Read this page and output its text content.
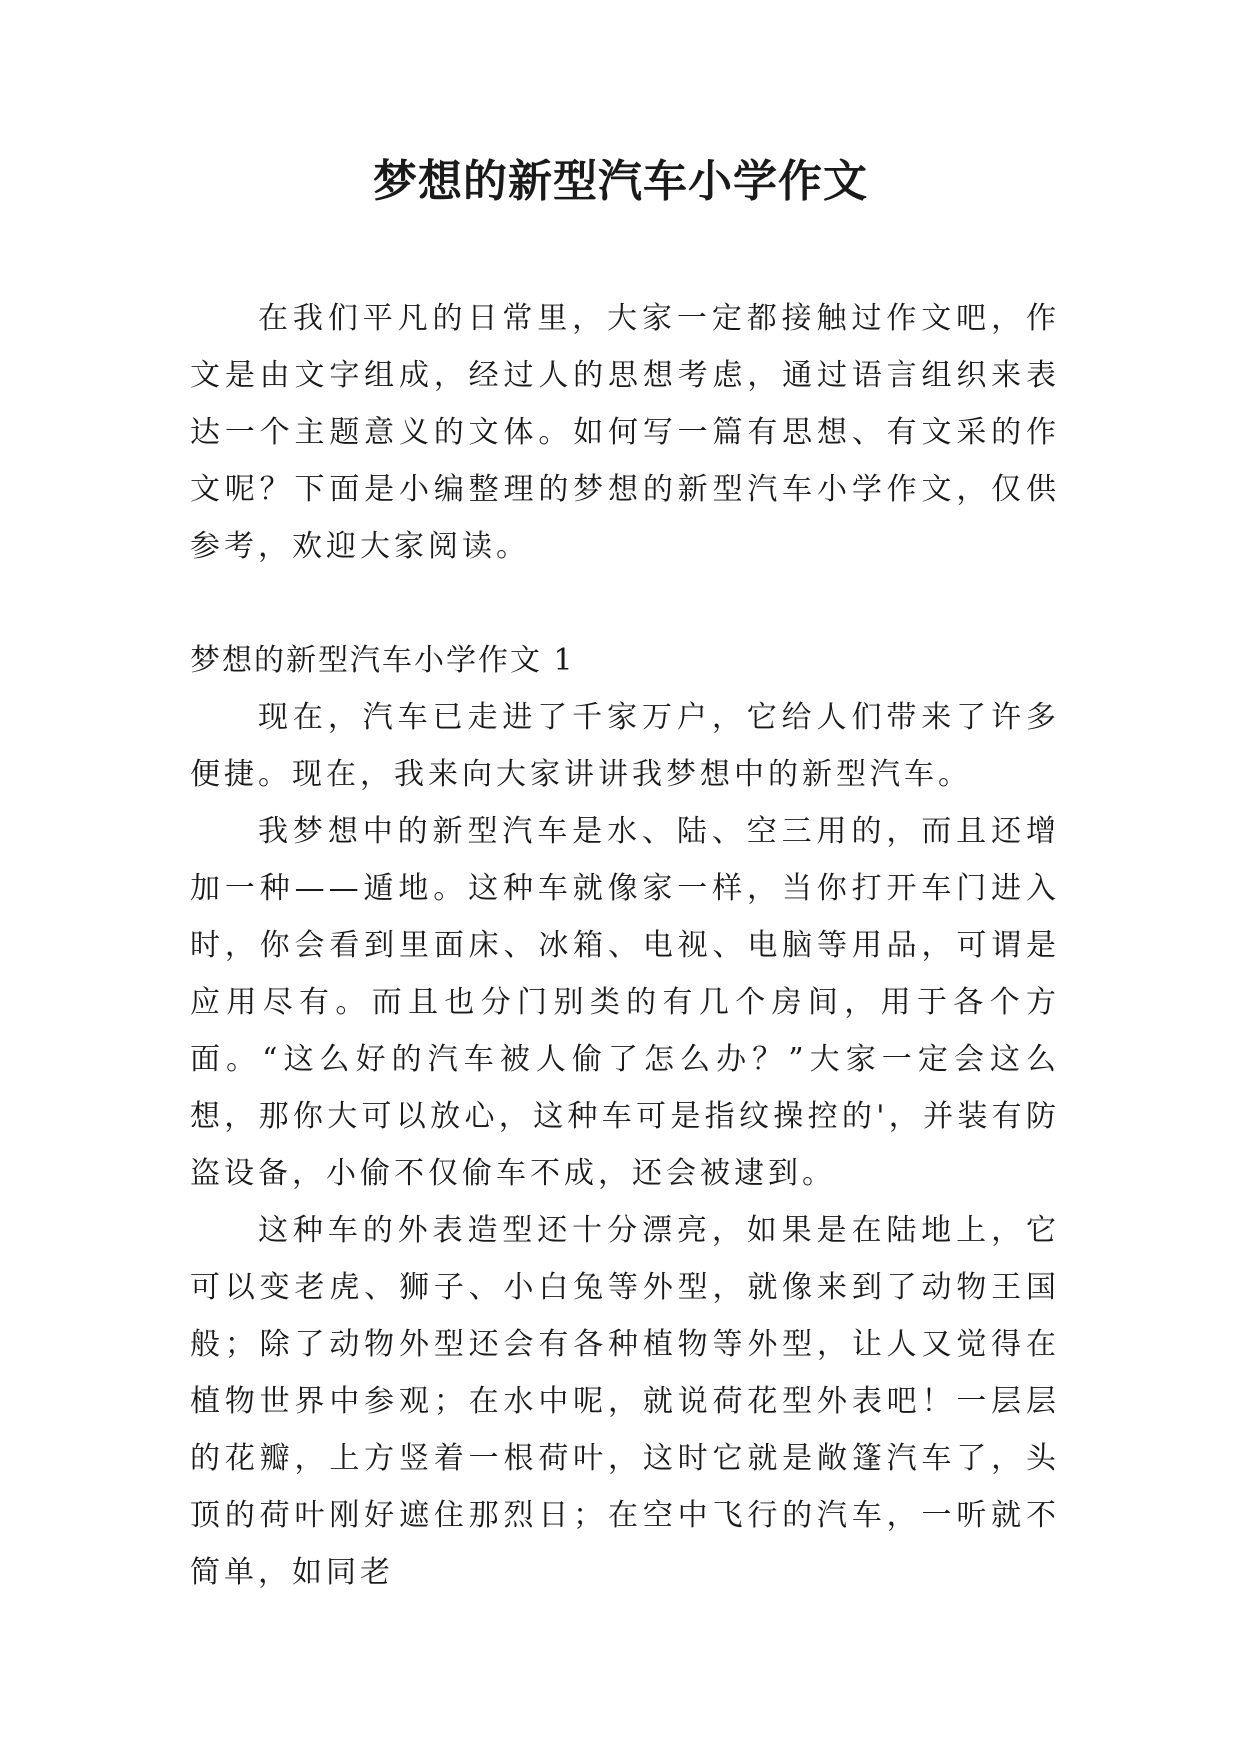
梦想的新型汽车小学作文

在我们平凡的日常里，大家一定都接触过作文吧，作文是由文字组成，经过人的思想考虑，通过语言组织来表达一个主题意义的文体。如何写一篇有思想、有文采的作文呢？下面是小编整理的梦想的新型汽车小学作文，仅供参考，欢迎大家阅读。

梦想的新型汽车小学作文 1

现在，汽车已走进了千家万户，它给人们带来了许多便捷。现在，我来向大家讲讲我梦想中的新型汽车。

我梦想中的新型汽车是水、陆、空三用的，而且还增加一种——遁地。这种车就像家一样，当你打开车门进入时，你会看到里面床、冰箱、电视、电脑等用品，可谓是应用尽有。而且也分门别类的有几个房间，用于各个方面。“这么好的汽车被人偷了怎么办？”大家一定会这么想，那你大可以放心，这种车可是指纹操控的'，并装有防盗设备，小偷不仅偷车不成，还会被逮到。

这种车的外表造型还十分漂亮，如果是在陆地上，它可以变老虎、狮子、小白兔等外型，就像来到了动物王国般；除了动物外型还会有各种植物等外型，让人又觉得在植物世界中参观；在水中呢，就说荷花型外表吧！一层层的花瓣，上方竖着一根荷叶，这时它就是敞篷汽车了，头顶的荷叶刚好遮住那烈日；在空中飞行的汽车，一听就不简单，如同老
